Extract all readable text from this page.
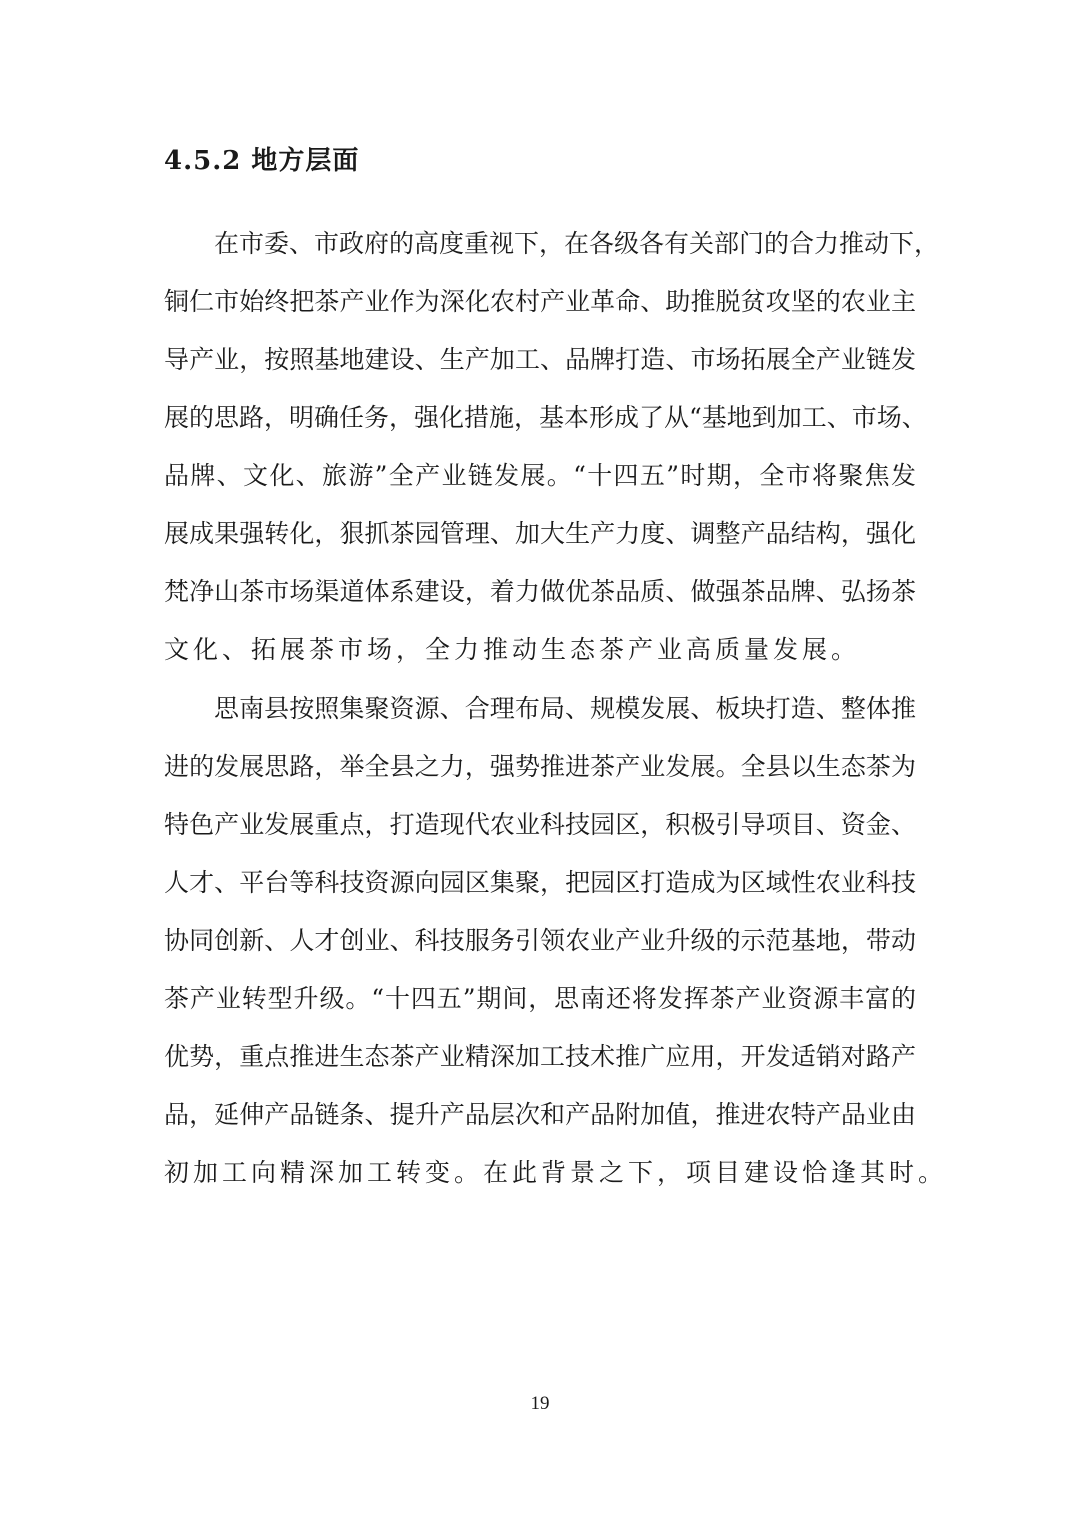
4.5.2 地方层面
在市委、市政府的高度重视下，在各级各有关部门的合力推动下，
铜仁市始终把茶产业作为深化农村产业革命、助推脱贫攻坚的农业主
导产业，按照基地建设、生产加工、品牌打造、市场拓展全产业链发
展的思路，明确任务，强化措施，基本形成了从“基地到加工、市场、
品牌、文化、旅游”全产业链发展。“十四五”时期，全市将聚焦发
展成果强转化，狠抓茶园管理、加大生产力度、调整产品结构，强化
梵净山茶市场渠道体系建设，着力做优茶品质、做强茶品牌、弘扬茶
文化、拓展茶市场，全力推动生态茶产业高质量发展。
思南县按照集聚资源、合理布局、规模发展、板块打造、整体推
进的发展思路，举全县之力，强势推进茶产业发展。全县以生态茶为
特色产业发展重点，打造现代农业科技园区，积极引导项目、资金、
人才、平台等科技资源向园区集聚，把园区打造成为区域性农业科技
协同创新、人才创业、科技服务引领农业产业升级的示范基地，带动
茶产业转型升级。“十四五”期间，思南还将发挥茶产业资源丰富的
优势，重点推进生态茶产业精深加工技术推广应用，开发适销对路产
品，延伸产品链条、提升产品层次和产品附加值，推进农特产品业由
初加工向精深加工转变。在此背景之下，项目建设恰逢其时。
19
